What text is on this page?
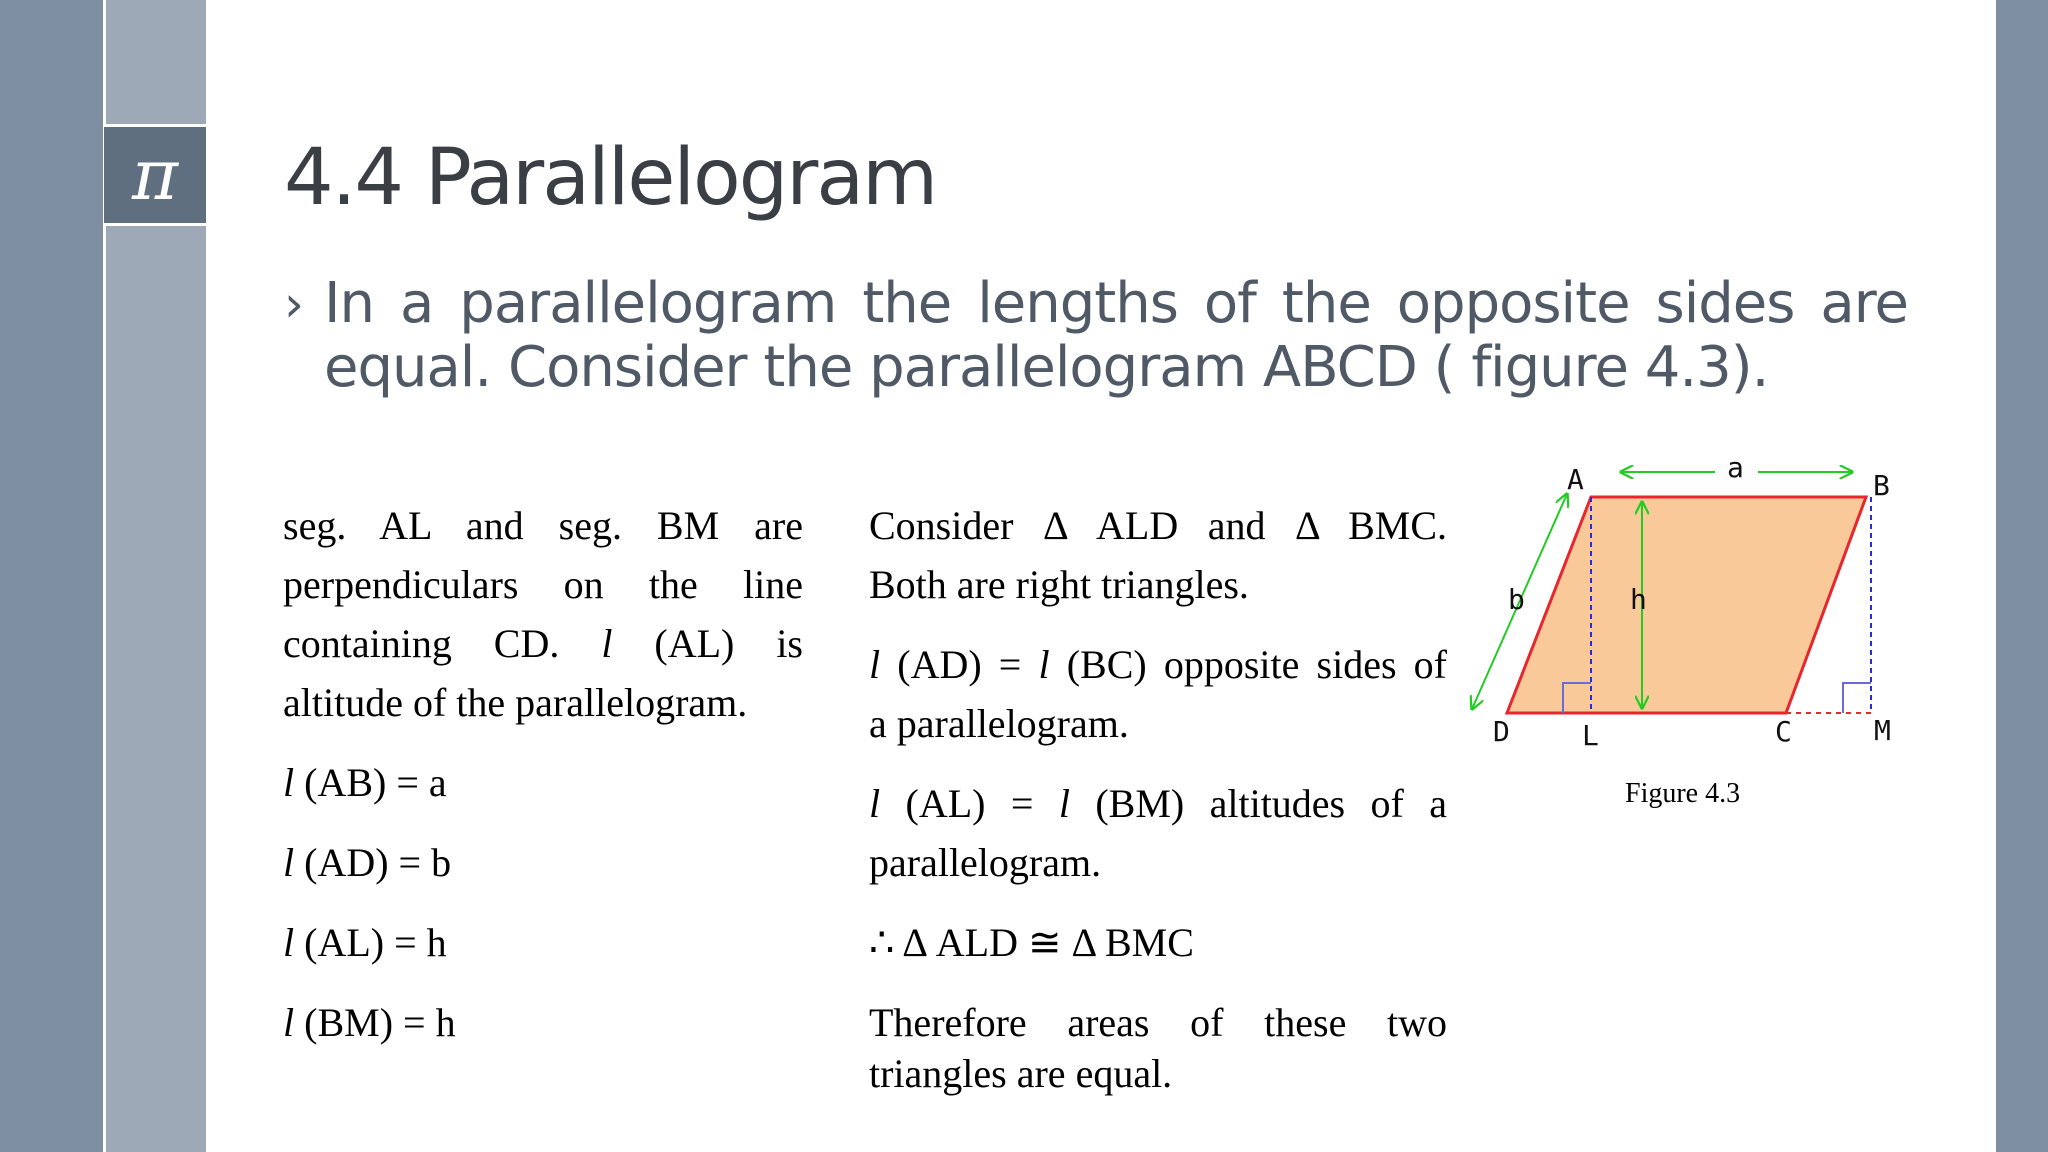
π 4.4 Parallelogram
› In a parallelogram the lengths of the opposite sides are equal. Consider the parallelogram ABCD ( figure 4.3).

seg. AL and seg. BM are

perpendiculars on the line

containing CD. l (AL) is

altitude of the parallelogram.

l (AB) = a

l (AD) = b

l (AL) = h

l (BM) = h

Consider Δ ALD and Δ BMC.

Both are right triangles.

l (AD) = l (BC) opposite sides of

a parallelogram.

l (AL) = l (BM) altitudes of a

parallelogram.

∴ Δ ALD ≅ Δ BMC

Therefore areas of these two

triangles are equal.

a
A	B
b	h
D	L	C	M
Figure 4.3
